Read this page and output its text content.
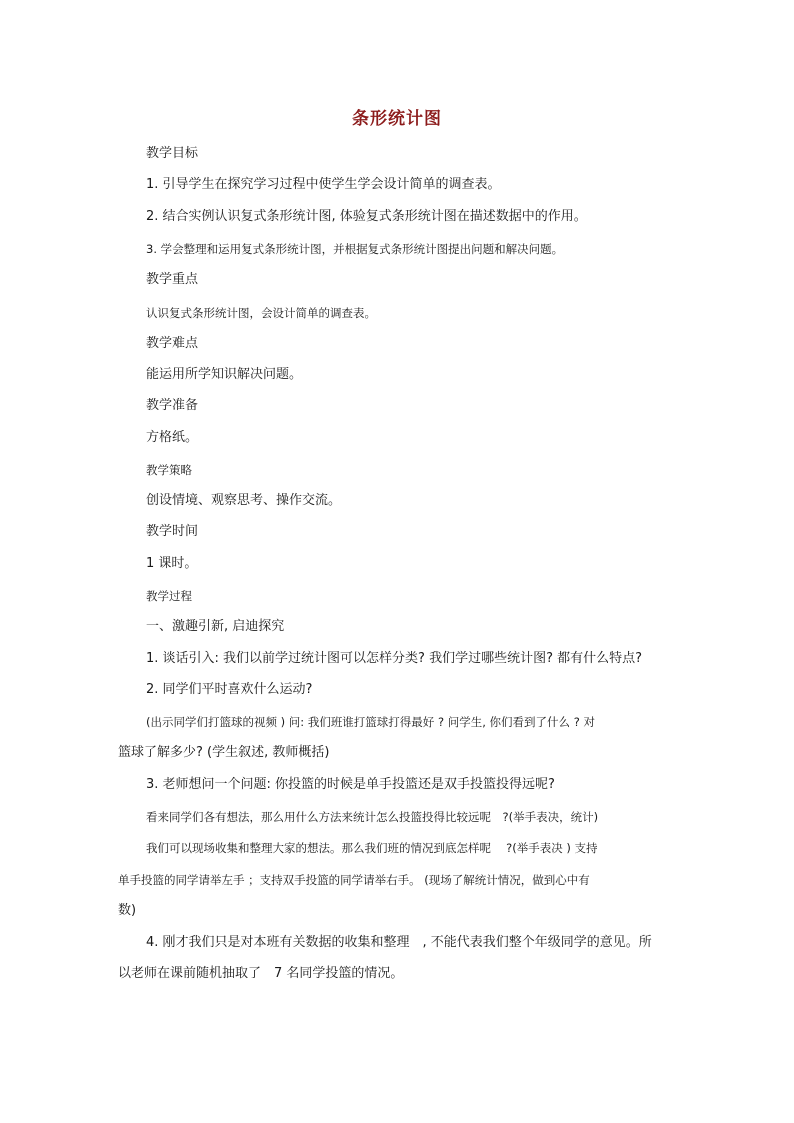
条形统计图
教学目标
1. 引导学生在探究学习过程中使学生学会设计简单的调查表。
2. 结合实例认识复式条形统计图, 体验复式条形统计图在描述数据中的作用。
3. 学会整理和运用复式条形统计图，并根据复式条形统计图提出问题和解决问题。
教学重点
认识复式条形统计图，会设计简单的调查表。
教学难点
能运用所学知识解决问题。
教学准备
方格纸。
教学策略
创设情境、观察思考、操作交流。
教学时间
1 课时。
教学过程
一、激趣引新, 启迪探究
1. 谈话引入: 我们以前学过统计图可以怎样分类? 我们学过哪些统计图? 都有什么特点?
2. 同学们平时喜欢什么运动?
(出示同学们打篮球的视频 ) 问: 我们班谁打篮球打得最好 ? 问学生, 你们看到了什么 ? 对
篮球了解多少? (学生叙述, 教师概括)
3. 老师想问一个问题: 你投篮的时候是单手投篮还是双手投篮投得远呢?
看来同学们各有想法，那么用什么方法来统计怎么投篮投得比较远呢　?(举手表决，统计)
我们可以现场收集和整理大家的想法。那么我们班的情况到底怎样呢　 ?(举手表决 ) 支持
单手投篮的同学请举左手 ；支持双手投篮的同学请举右手。 (现场了解统计情况，做到心中有
数)
4. 刚才我们只是对本班有关数据的收集和整理　, 不能代表我们整个年级同学的意见。所
以老师在课前随机抽取了　7 名同学投篮的情况。
